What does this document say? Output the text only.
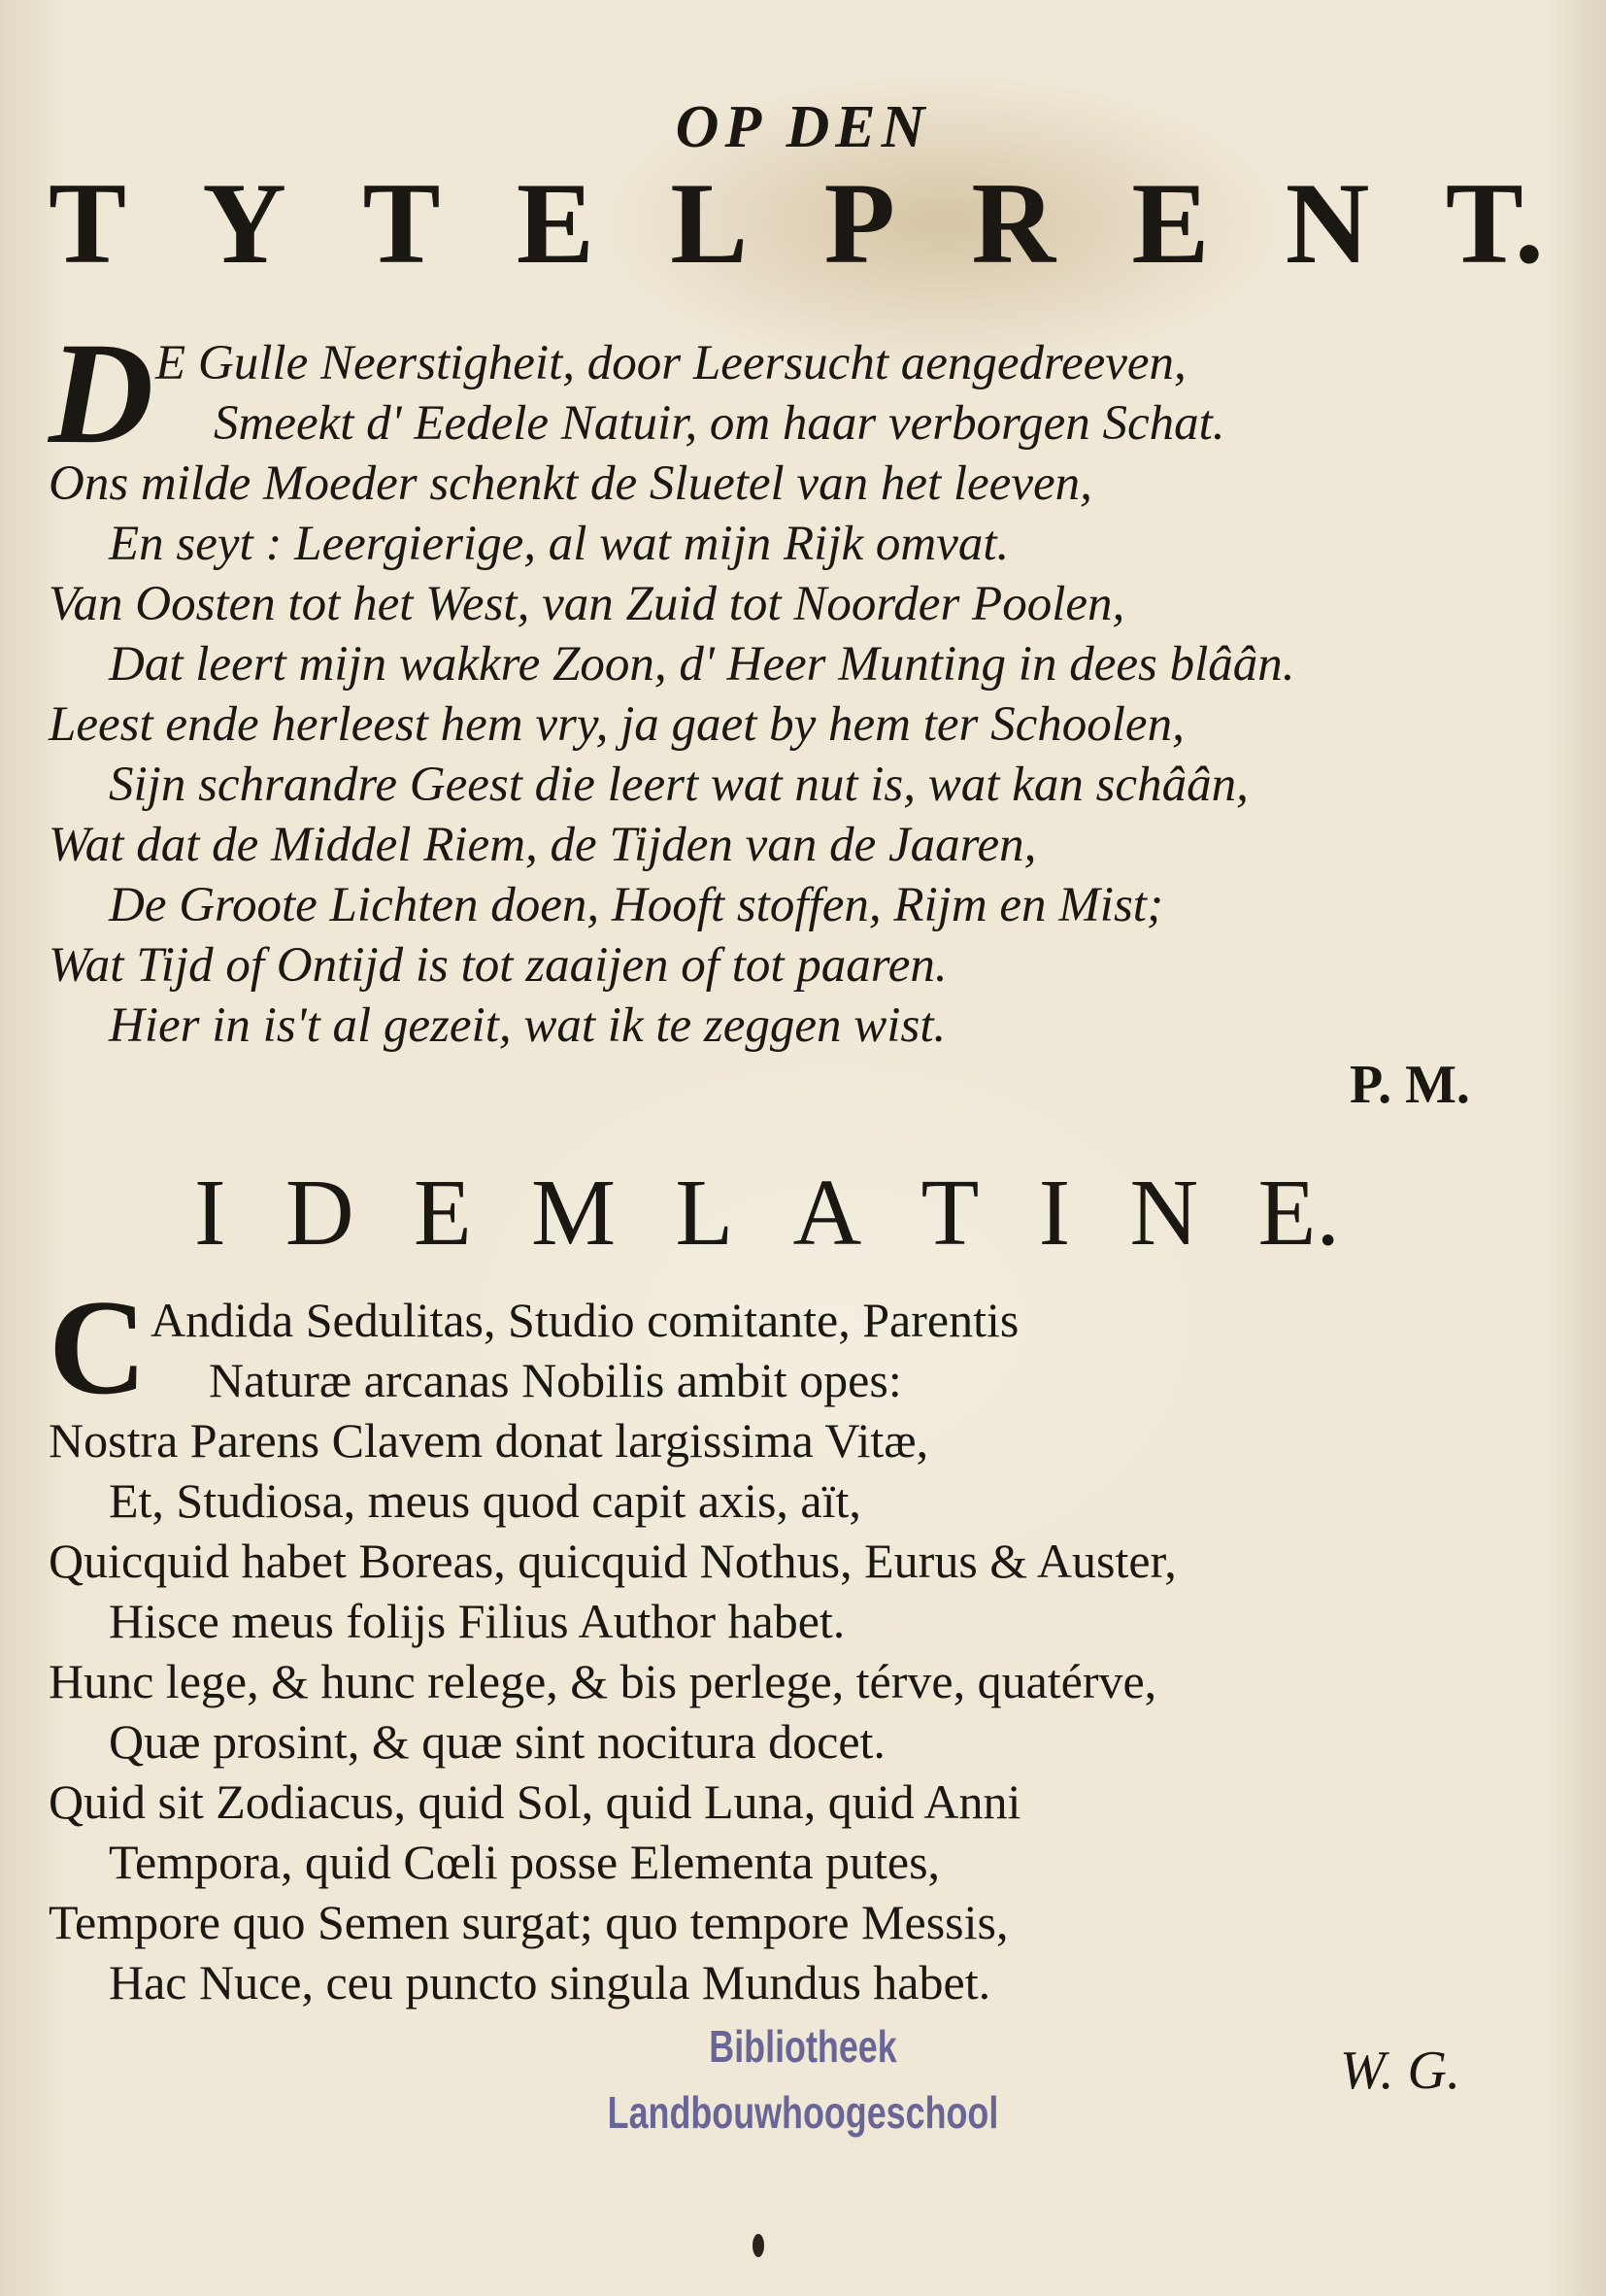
OP DEN
T Y T E L P R E N T.
D E Gulle Neerstigheit, door Leersucht aengedreeven,
Smeekt d' Eedele Natuir, om haar verborgen Schat.
Ons milde Moeder schenkt de Sluetel van het leeven,
En seyt : Leergierige, al wat mijn Rijk omvat.
Van Oosten tot het West, van Zuid tot Noorder Poolen,
Dat leert mijn wakkre Zoon, d' Heer Munting in dees blâân.
Leest ende herleest hem vry, ja gaet by hem ter Schoolen,
Sijn schrandre Geest die leert wat nut is, wat kan schâân,
Wat dat de Middel Riem, de Tijden van de Jaaren,
De Groote Lichten doen, Hooft stoffen, Rijm en Mist;
Wat Tijd of Ontijd is tot zaaijen of tot paaren.
Hier in is't al gezeit, wat ik te zeggen wist.
P. M.
I D E M L A T I N E.
C Andida Sedulitas, Studio comitante, Parentis
Naturæ arcanas Nobilis ambit opes:
Nostra Parens Clavem donat largissima Vitæ,
Et, Studiosa, meus quod capit axis, aït,
Quicquid habet Boreas, quicquid Nothus, Eurus & Auster,
Hisce meus folijs Filius Author habet.
Hunc lege, & hunc relege, & bis perlege, térve, quatérve,
Quæ prosint, & quæ sint nocitura docet.
Quid sit Zodiacus, quid Sol, quid Luna, quid Anni
Tempora, quid Cœli posse Elementa putes,
Tempore quo Semen surgat; quo tempore Messis,
Hac Nuce, ceu puncto singula Mundus habet.
W. G.
Bibliotheek
Landbouwhoogeschool
